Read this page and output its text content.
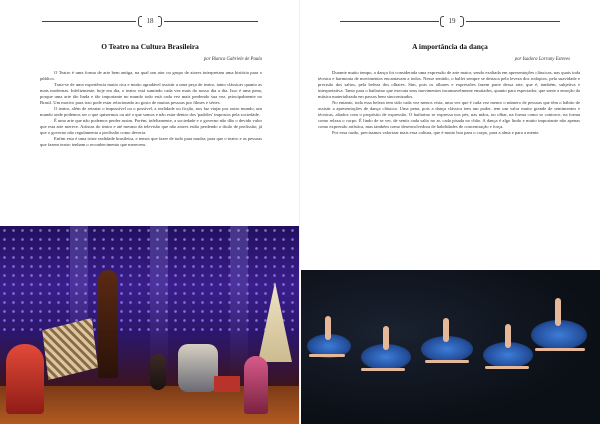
18
O Teatro na Cultura Brasileira
por Bianca Gabriele de Paula

O Teatro é uma forma de arte bem antiga, na qual um ator ou grupo de atores interpretam uma história para o público.

Trata-se de uma experiência muito rica e muito agradável assistir a uma peça de teatro, tanto clássicas quanto as mais modernas. Infelizmente, hoje em dia, o teatro está sumindo cada vez mais do nosso dia a dia. Isso é uma pena, porque uma arte tão linda e tão importante no mundo todo está cada vez mais perdendo sua vez, principalmente no Brasil. Um motivo para isso pode estar relacionado ao gosto de muitas pessoas por filmes e séries.

O teatro, além de retratar o impossível ou o possível, a realidade ou ficção, nos faz viajar por outro mundo, um mundo onde podemos ser o que quisermos ou até o que somos e não estar dentro dos 'padrões' impostos pela sociedade.

É uma arte que não podemos perder assim. Porém, infelizmente, a sociedade e o governo não dão o devido valor que esta arte merece. Artistas do teatro e até mesmo da televisão que não atores estão perdendo o título de profissão; já que o governo não regulamenta a profissão como deveria.

Enfim esta é uma triste realidade brasileira, e temos que fazer de tudo para mudar, para que o teatro e as pessoas que fazem teatro tenham o reconhecimento que merecem.

19
A importância da dança
por Isadora Lorrany Esteves

Durante muito tempo, a dança foi considerada uma expressão de arte maior, sendo exaltada em apresentações clássicas, nas quais toda técnica e harmonia de movimentos encantavam a todos. Nesse sentido, o ballet sempre se destaca pela leveza dos rodopios, pela suavidade e precisão dos saltos, pela beleza dos olhares. Sim, pois os olhares e expressões fazem parte dessa arte, que é, também, subjetiva e interpretativa. Tanto para o bailarino que executa seus movimentos incansavelmente ensaiados, quanto para espectador, que sente a emoção da música materializada em passos bem sincronizados.

No entanto, toda essa beleza tem sido cada vez menos vista, uma vez que é cada vez menor o número de pessoas que têm o hábito de assistir a apresentações de dança clássica. Uma pena, pois a dança clássica tem um poder, tem um valor muito grande de sentimentos e técnicas, aliados com o propósito de expressão. O bailarino se expressa nos pés, nas mãos, no olhar, na forma como se contorce, na forma como relaxa o corpo. É lindo de se ver, de sentir cada salto no ar, cada pisada no chão. A dança é algo lindo e muito importante não apenas como expressão artística, mas também como desenvolvedora de habilidades de concentração e força.

Por essa razão, precisamos valorizar mais essa cultura, que é muito boa para o corpo, para a alma e para a mente.
